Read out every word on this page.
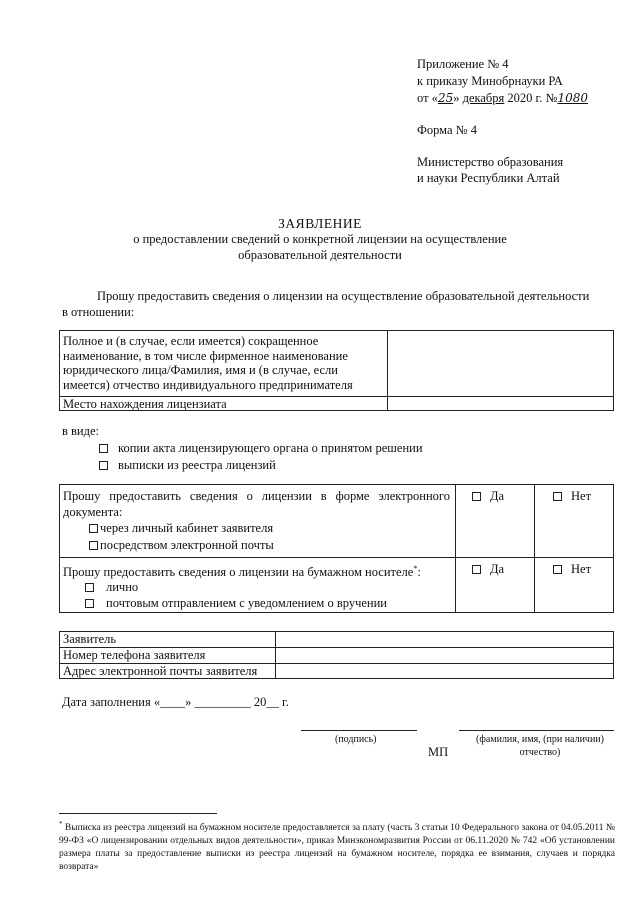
Приложение № 4
к приказу Минобрнауки РА
от «25» декабря 2020 г. №1080
Форма № 4
Министерство образования
и науки Республики Алтай
ЗАЯВЛЕНИЕ
о предоставлении сведений о конкретной лицензии на осуществление
образовательной деятельности
Прошу предоставить сведения о лицензии на осуществление образовательной деятельности
в отношении:
Полное и (в случае, если имеется) сокращенное
наименование, в том числе фирменное наименование
юридического лица/Фамилия, имя и (в случае, если
имеется) отчество индивидуального предпринимателя
Место нахождения лицензиата
в виде:
копии акта лицензирующего органа о принятом решении
выписки из реестра лицензий
Прошу предоставить сведения о лицензии в форме электронного
документа:
через личный кабинет заявителя
посредством электронной почты
Да	Нет
Прошу предоставить сведения о лицензии на бумажном носителе*:
лично
почтовым отправлением с уведомлением о вручении
Да	Нет
Заявитель
Номер телефона заявителя
Адрес электронной почты заявителя
Дата заполнения «____» _________ 20__ г.
(подпись)
МП
(фамилия, имя, (при наличии)
отчество)
* Выписка из реестра лицензий на бумажном носителе предоставляется за плату (часть 3 статьи 10 Федерального закона от 04.05.2011 № 99-ФЗ «О лицензировании отдельных видов деятельности», приказ Минэкономразвития России от 06.11.2020 № 742 «Об установлении размера платы за предоставление выписки из реестра лицензий на бумажном носителе, порядка ее взимания, случаев и порядка возврата»
